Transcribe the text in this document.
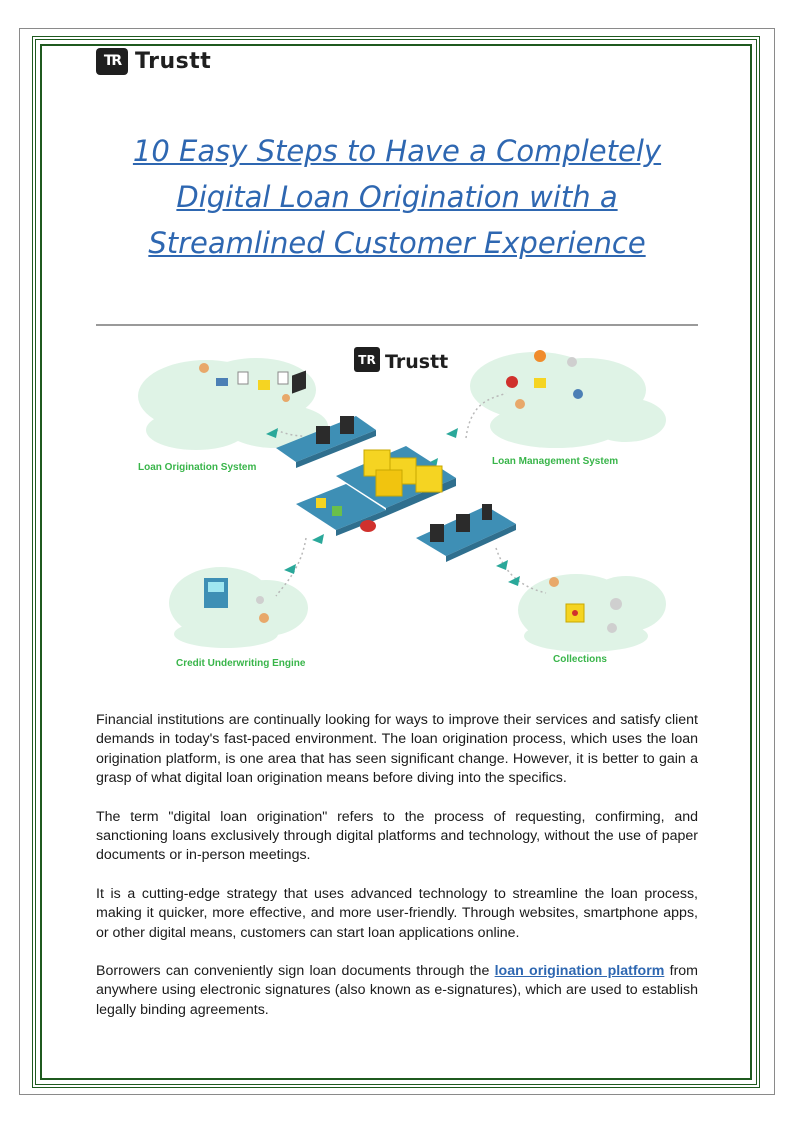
TR Trustt
10 Easy Steps to Have a Completely Digital Loan Origination with a Streamlined Customer Experience
TR Trustt
Loan Origination System
Loan Management System
Credit Underwriting Engine	Collections

Financial institutions are continually looking for ways to improve their services and satisfy client demands in today's fast-paced environment. The loan origination process, which uses the loan origination platform, is one area that has seen significant change. However, it is better to gain a grasp of what digital loan origination means before diving into the specifics.

The term "digital loan origination" refers to the process of requesting, confirming, and sanctioning loans exclusively through digital platforms and technology, without the use of paper documents or in-person meetings.

It is a cutting-edge strategy that uses advanced technology to streamline the loan process, making it quicker, more effective, and more user-friendly. Through websites, smartphone apps, or other digital means, customers can start loan applications online.

Borrowers can conveniently sign loan documents through the loan origination platform from anywhere using electronic signatures (also known as e-signatures), which are used to establish legally binding agreements.
